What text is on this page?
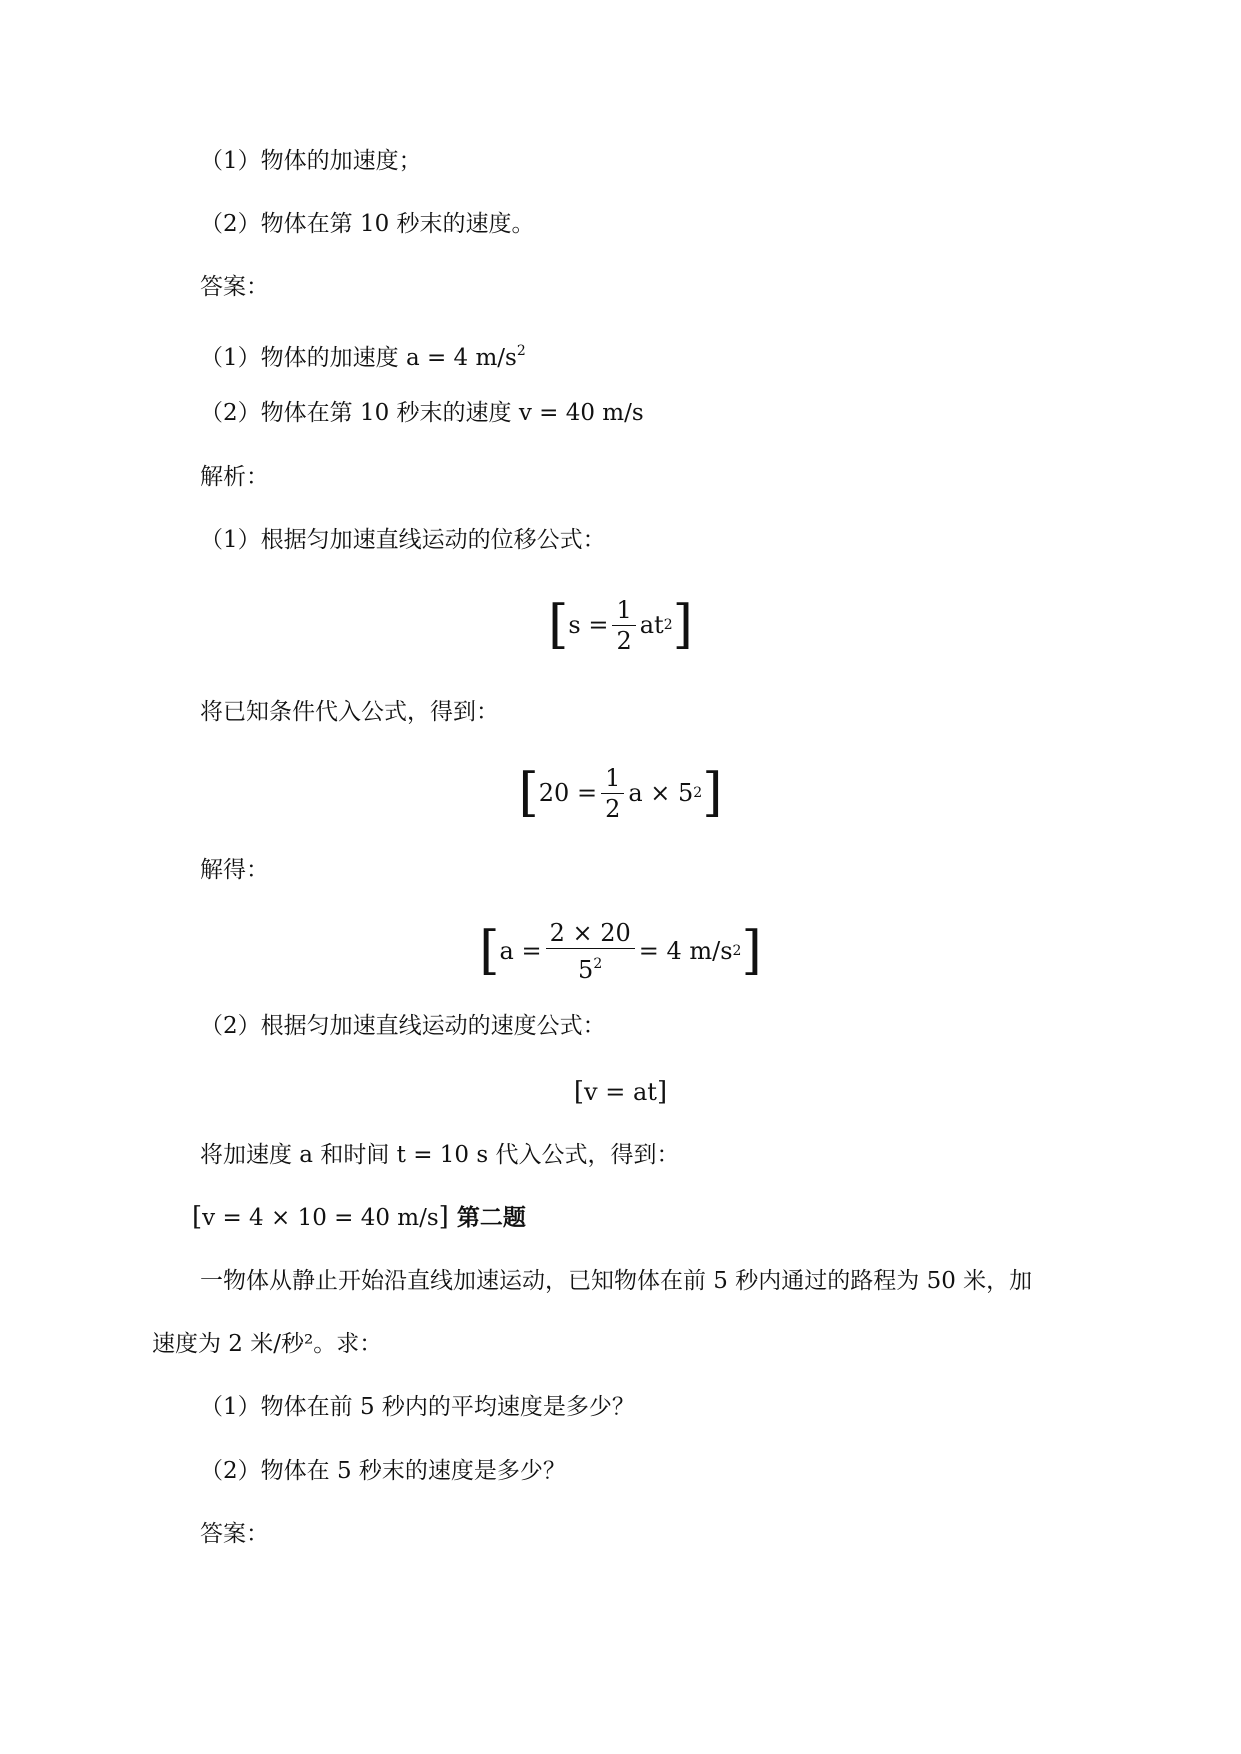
（1）物体的加速度；
（2）物体在第 10 秒末的速度。
答案：
（1）物体的加速度 a = 4 $m/s^2$
（2）物体在第 10 秒末的速度 v = 40 m/s
解析：
（1）根据匀加速直线运动的位移公式：
[ $s = \frac{1}{2}$ at 2 ]
将已知条件代入公式，得到：
[ $20 = \frac{1}{2}$ a × 5 2 ]
解得：
[ $a = \frac{2 \times 20}{5^2} = 4$ m/s 2 ]
（2）根据匀加速直线运动的速度公式：
[ v = at ]
将加速度 a 和时间 t = 10 s 代入公式，得到：
[v = 4 × 10 = 40 m/s] 第二题
一物体从静止开始沿直线加速运动，已知物体在前 5 秒内通过的路程为 50 米，加
速度为 2 米/秒²。求：
（1）物体在前 5 秒内的平均速度是多少？
（2）物体在 5 秒末的速度是多少？
答案：
